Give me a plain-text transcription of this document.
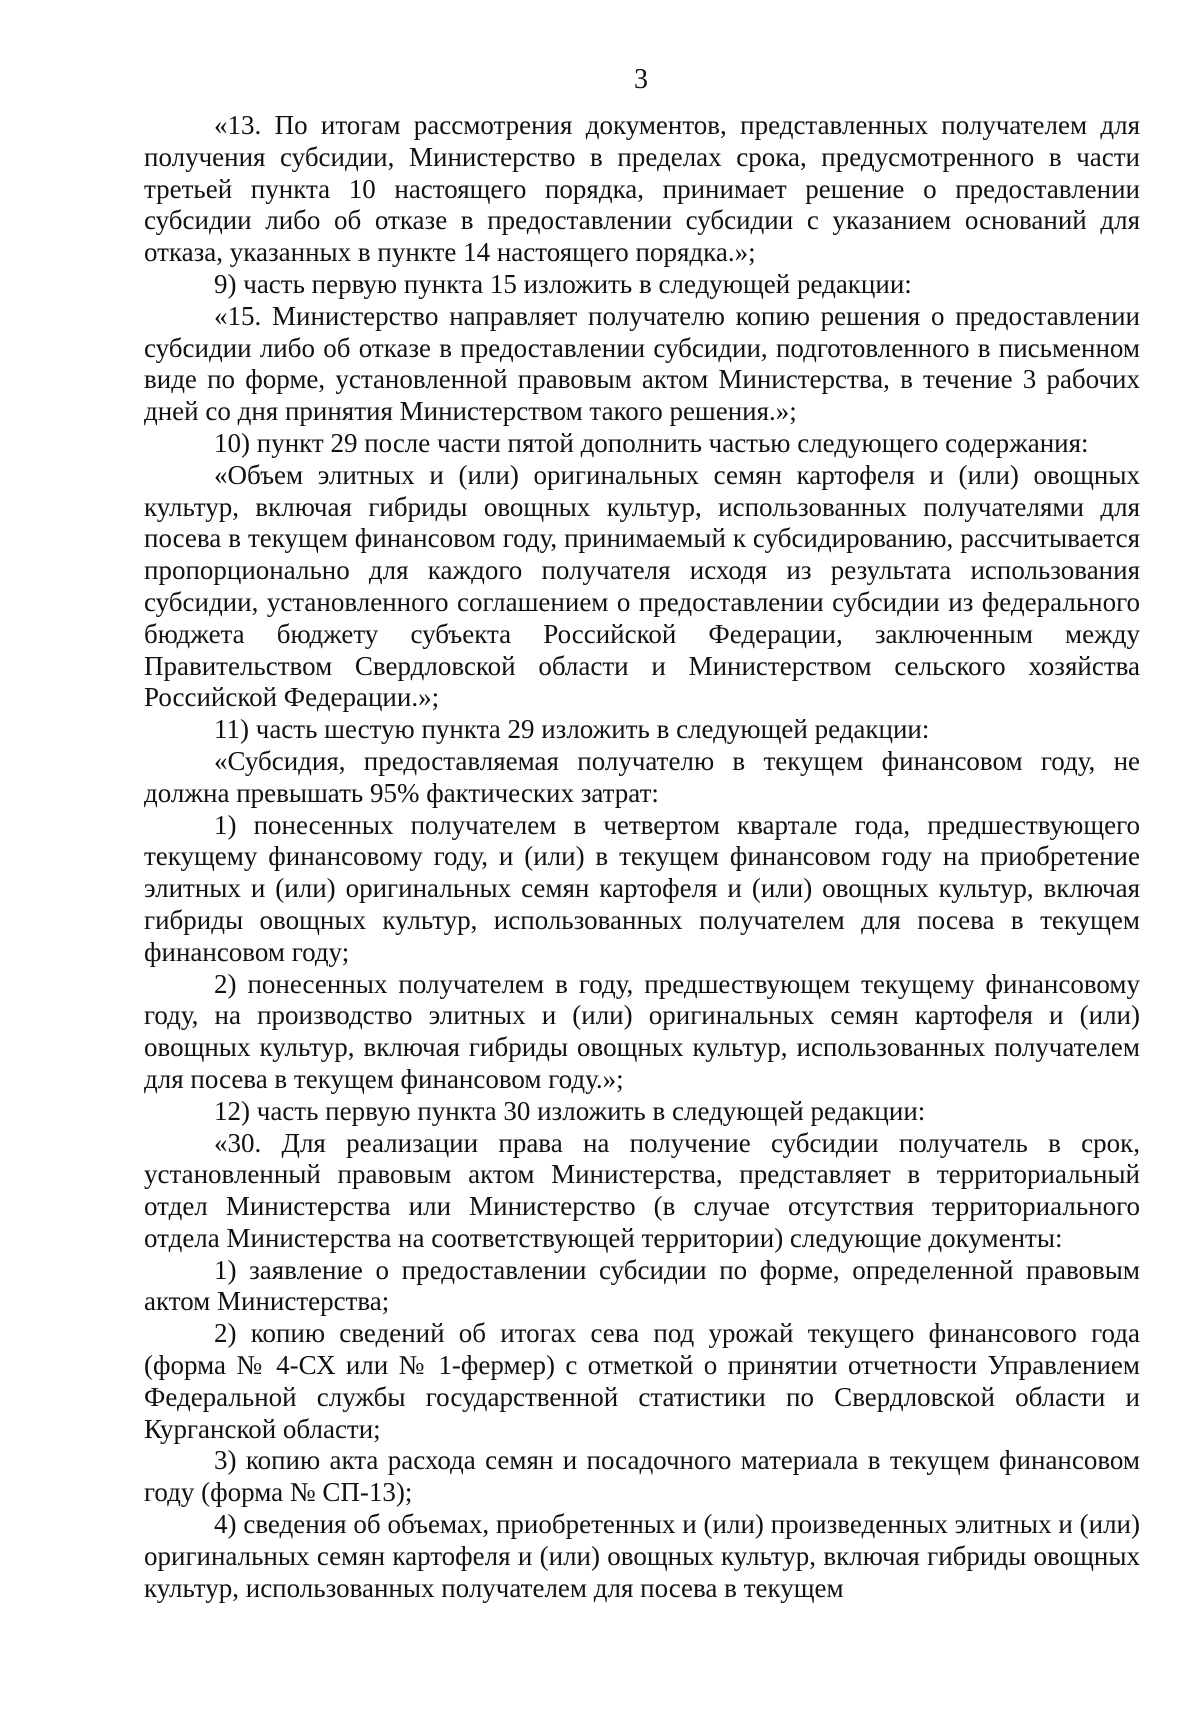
3

«13. По итогам рассмотрения документов, представленных получателем для получения субсидии, Министерство в пределах срока, предусмотренного в части третьей пункта 10 настоящего порядка, принимает решение о предоставлении субсидии либо об отказе в предоставлении субсидии с указанием оснований для отказа, указанных в пункте 14 настоящего порядка.»;

9) часть первую пункта 15 изложить в следующей редакции:

«15. Министерство направляет получателю копию решения о предоставлении субсидии либо об отказе в предоставлении субсидии, подготовленного в письменном виде по форме, установленной правовым актом Министерства, в течение 3 рабочих дней со дня принятия Министерством такого решения.»;

10) пункт 29 после части пятой дополнить частью следующего содержания:

«Объем элитных и (или) оригинальных семян картофеля и (или) овощных культур, включая гибриды овощных культур, использованных получателями для посева в текущем финансовом году, принимаемый к субсидированию, рассчитывается пропорционально для каждого получателя исходя из результата использования субсидии, установленного соглашением о предоставлении субсидии из федерального бюджета бюджету субъекта Российской Федерации, заключенным между Правительством Свердловской области и Министерством сельского хозяйства Российской Федерации.»;

11) часть шестую пункта 29 изложить в следующей редакции:

«Субсидия, предоставляемая получателю в текущем финансовом году, не должна превышать 95% фактических затрат:

1) понесенных получателем в четвертом квартале года, предшествующего текущему финансовому году, и (или) в текущем финансовом году на приобретение элитных и (или) оригинальных семян картофеля и (или) овощных культур, включая гибриды овощных культур, использованных получателем для посева в текущем финансовом году;

2) понесенных получателем в году, предшествующем текущему финансовому году, на производство элитных и (или) оригинальных семян картофеля и (или) овощных культур, включая гибриды овощных культур, использованных получателем для посева в текущем финансовом году.»;

12) часть первую пункта 30 изложить в следующей редакции:

«30. Для реализации права на получение субсидии получатель в срок, установленный правовым актом Министерства, представляет в территориальный отдел Министерства или Министерство (в случае отсутствия территориального отдела Министерства на соответствующей территории) следующие документы:

1) заявление о предоставлении субсидии по форме, определенной правовым актом Министерства;

2) копию сведений об итогах сева под урожай текущего финансового года (форма № 4-СХ или № 1-фермер) с отметкой о принятии отчетности Управлением Федеральной службы государственной статистики по Свердловской области и Курганской области;

3) копию акта расхода семян и посадочного материала в текущем финансовом году (форма № СП-13);

4) сведения об объемах, приобретенных и (или) произведенных элитных и (или) оригинальных семян картофеля и (или) овощных культур, включая гибриды овощных культур, использованных получателем для посева в текущем
